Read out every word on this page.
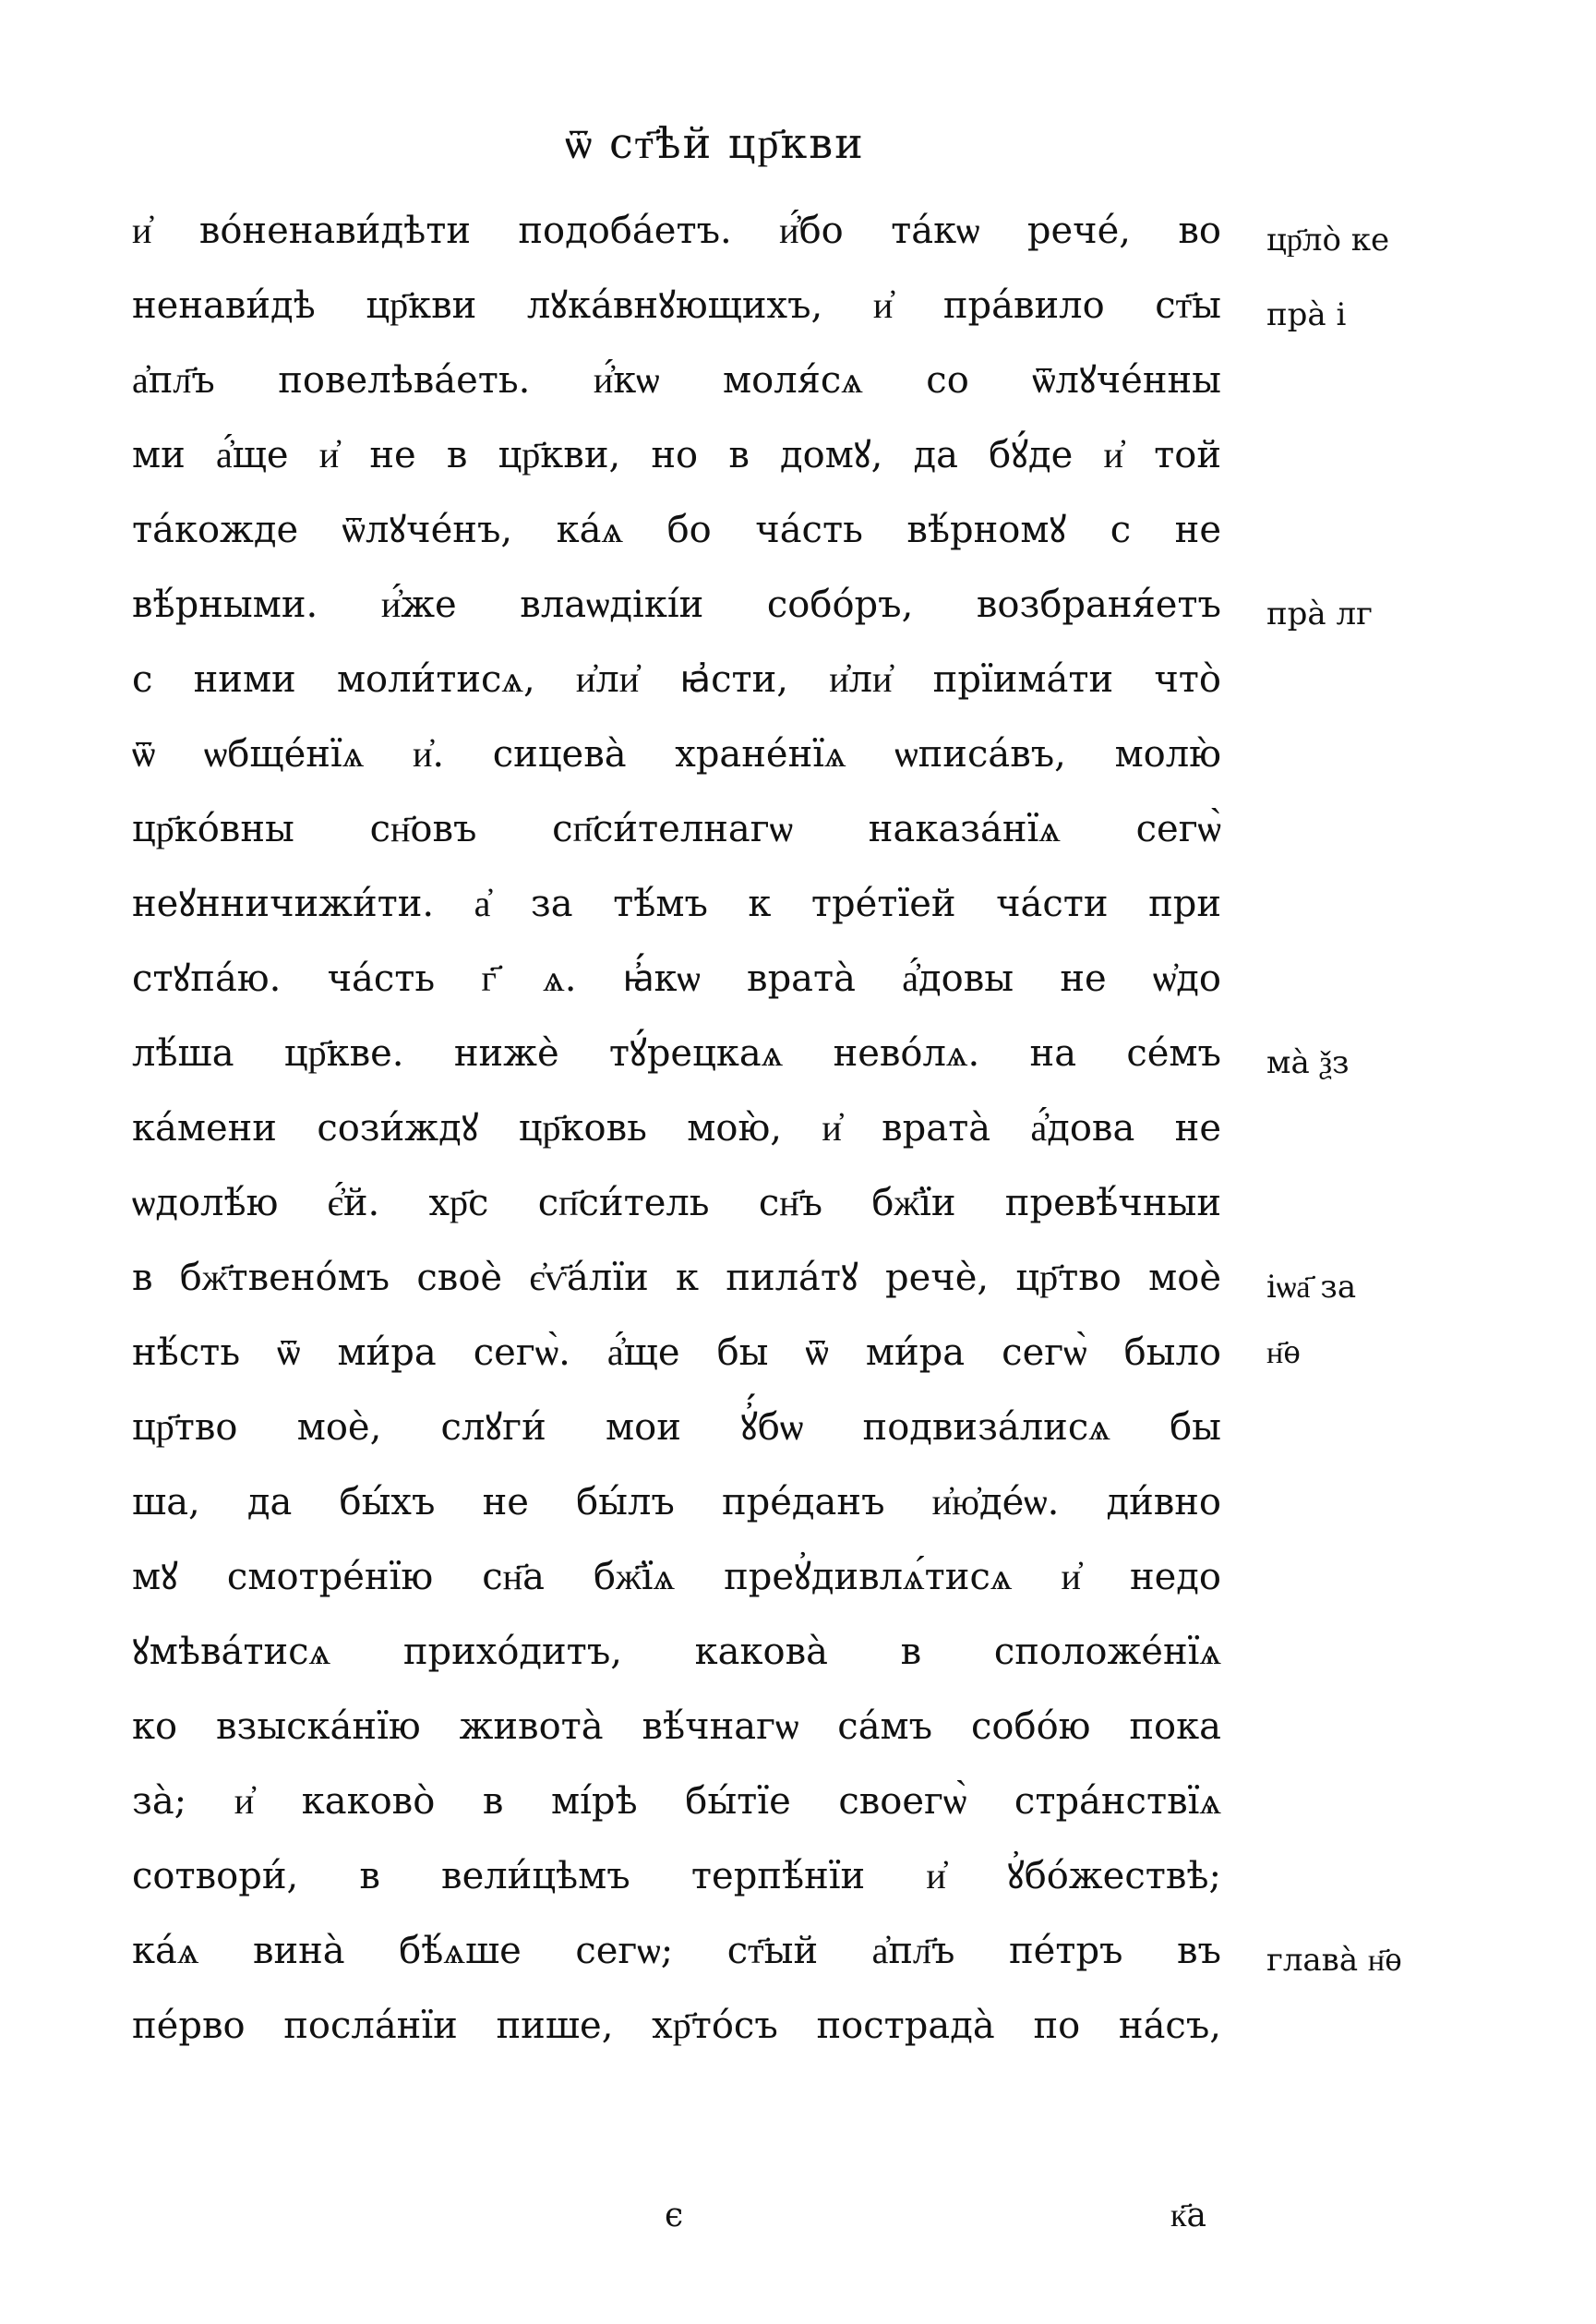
ѿ ст҃ѣй цр҃кви
и҆ во́ненави́дѣти подоба́етъ. и҆́бо та́кѡ рече́, во
ненави́дѣ цр҃кви лꙋка́внꙋющихъ, и҆ пра́вило ст҃ы
а҆пл҃ъ повелѣва́еть. и҆́кѡ моля́сѧ со ѿлꙋче́нны
ми а҆́ще и҆ не в цр҃кви, но в домꙋ, да бꙋ́де и҆ той
та́кожде ѿлꙋче́нъ, ка́ѧ бо ча́сть вѣ́рномꙋ с не
вѣ́рными. и҆́же влаѡдікі́и собо́ръ, возбраня́етъ
с ними моли́тисѧ, и҆ли҆ ꙗ҆сти, и҆ли҆ прїима́ти что̀
ѿ ѡбще́нїѧ и҆. сицева̀ хране́нїѧ ѡписа́въ, молю̀
цр҃ко́вны сн҃овъ сп҃си́телнагѡ наказа́нїѧ сегѡ̀
неꙋнничижи́ти. а҆ за тѣ́мъ к тре́тїей ча́сти при
стꙋпа́ю. ча́сть г҃ ѧ. ꙗ҆́кѡ врата̀ а҆́довы не ѡ҆до
лѣ́ша цр҃кве. нижѐ тꙋ́рецкаѧ нево́лѧ. на се́мъ
ка́мени сози́ждꙋ цр҃ковь мою̀, и҆ врата̀ а҆́дова не
ѡдолѣ́ю є҆́й. хр҃с сп҃си́тель сн҃ъ бж҃їи превѣ́чныи
в бж҃твено́мъ своѐ є҆ѵ҃а́лїи к пила́тꙋ речѐ, цр҃тво моѐ
нѣ́сть ѿ ми́ра сегѡ̀. а҆́ще бы ѿ ми́ра сегѡ̀ было
цр҃тво моѐ, слꙋги́ мои ꙋ҆́бѡ подвиза́лисѧ бы
ша, да бы́хъ не бы́лъ пре́данъ и҆ю҆де́ѡ. ди́вно
мꙋ смотре́нїю сн҃а бж҃їѧ преꙋ҆дивлѧ́тисѧ и҆ недо
ꙋмѣва́тисѧ прихо́дитъ, какова̀ в сположе́нїѧ
ко взыска́нїю живота̀ вѣ́чнагѡ са́мъ собо́ю пока
за̀; и҆ каково̀ в мі́рѣ бы́тїе своегѡ̀ стра́нствїѧ
сотвори́, в вели́цѣмъ терпѣ́нїи и҆ ꙋ҆бо́жествѣ;
ка́ѧ вина̀ бѣ́ѧше сегѡ; ст҃ый а҆пл҃ъ пе́тръ въ
пе́рво посла́нїи пише, хр҃то́съ пострада̀ по на́съ,
цр҃ло̀ ке
пра̀ і
пра̀ лг
ма̀ ѯз
іѡа҃ за
н҃ѳ
глава̀ н҃ѳ
є	к҃а
